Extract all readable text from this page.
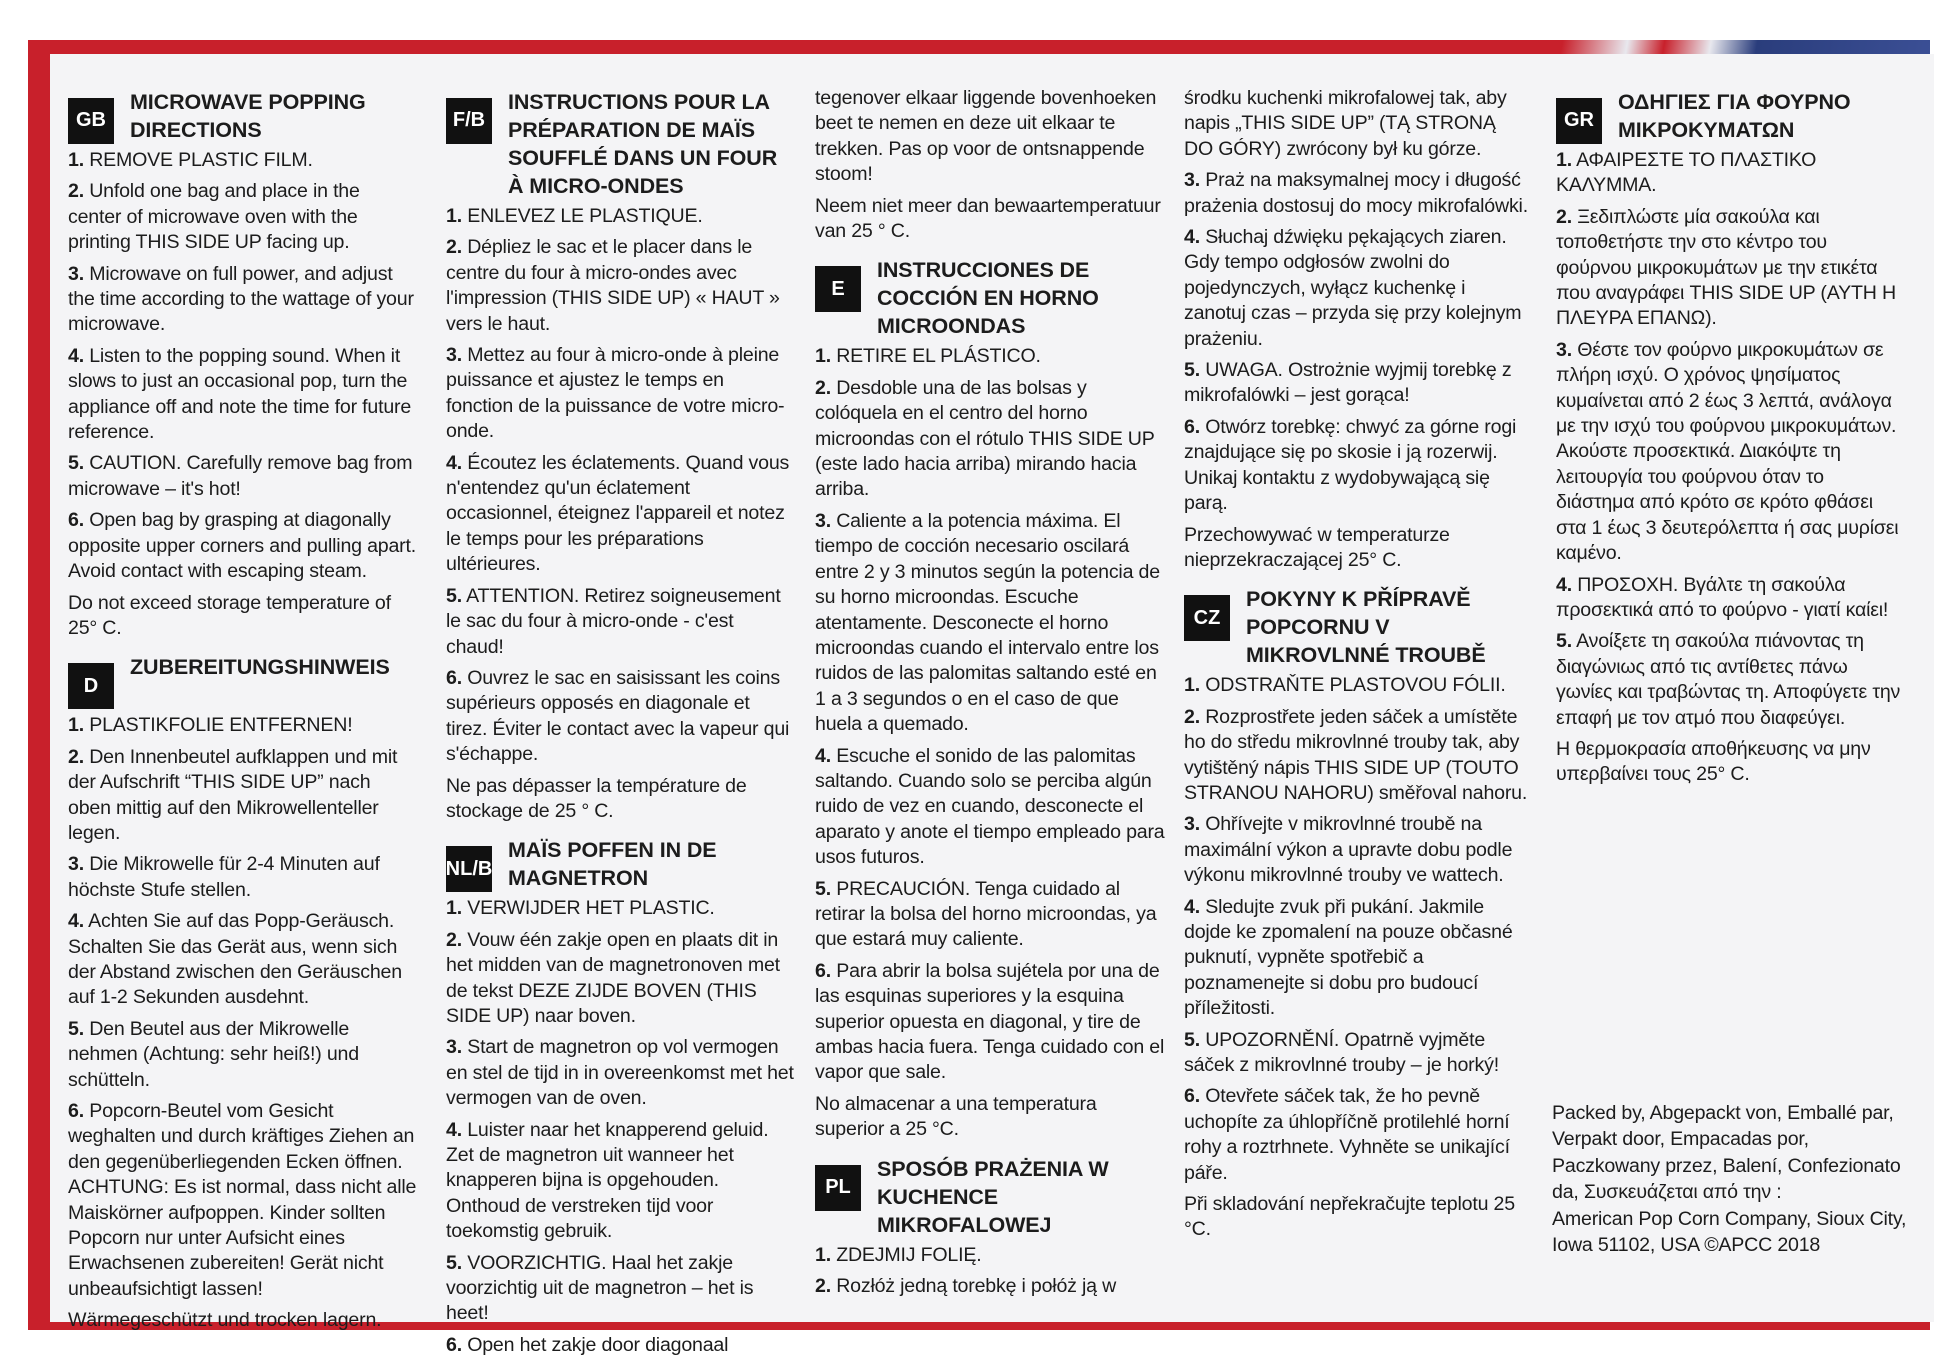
GB
MICROWAVE POPPING DIRECTIONS
1. REMOVE PLASTIC FILM.
2. Unfold one bag and place in the center of microwave oven with the printing THIS SIDE UP facing up.
3. Microwave on full power, and adjust the time according to the wattage of your microwave.
4. Listen to the popping sound. When it slows to just an occasional pop, turn the appliance off and note the time for future reference.
5. CAUTION. Carefully remove bag from microwave – it's hot!
6. Open bag by grasping at diagonally opposite upper corners and pulling apart. Avoid contact with escaping steam.
Do not exceed storage temperature of 25° C.
D
ZUBEREITUNGSHINWEIS
1. PLASTIKFOLIE ENTFERNEN!
2. Den Innenbeutel aufklappen und mit der Aufschrift “THIS SIDE UP” nach oben mittig auf den Mikrowellenteller legen.
3. Die Mikrowelle für 2-4 Minuten auf höchste Stufe stellen.
4. Achten Sie auf das Popp-Geräusch. Schalten Sie das Gerät aus, wenn sich der Abstand zwischen den Geräuschen auf 1-2 Sekunden ausdehnt.
5. Den Beutel aus der Mikrowelle nehmen (Achtung: sehr heiß!) und schütteln.
6. Popcorn-Beutel vom Gesicht weghalten und durch kräftiges Ziehen an den gegenüberliegenden Ecken öffnen. ACHTUNG: Es ist normal, dass nicht alle Maiskörner aufpoppen. Kinder sollten Popcorn nur unter Aufsicht eines Erwachsenen zubereiten! Gerät nicht unbeaufsichtigt lassen!
Wärmegeschützt und trocken lagern.
F/B
INSTRUCTIONS POUR LA PRÉPARATION DE MAÏS SOUFFLÉ DANS UN FOUR À MICRO-ONDES
1. ENLEVEZ LE PLASTIQUE.
2. Dépliez le sac et le placer dans le centre du four à micro-ondes avec l'impression (THIS SIDE UP) « HAUT » vers le haut.
3. Mettez au four à micro-onde à pleine puissance et ajustez le temps en fonction de la puissance de votre micro-onde.
4. Écoutez les éclatements. Quand vous n'entendez qu'un éclatement occasionnel, éteignez l'appareil et notez le temps pour les préparations ultérieures.
5. ATTENTION. Retirez soigneusement le sac du four à micro-onde - c'est chaud!
6. Ouvrez le sac en saisissant les coins supérieurs opposés en diagonale et tirez. Éviter le contact avec la vapeur qui s'échappe.
Ne pas dépasser la température de stockage de 25 ° C.
NL/B
MAÏS POFFEN IN DE MAGNETRON
1. VERWIJDER HET PLASTIC.
2. Vouw één zakje open en plaats dit in het midden van de magnetronoven met de tekst DEZE ZIJDE BOVEN (THIS SIDE UP) naar boven.
3. Start de magnetron op vol vermogen en stel de tijd in in overeenkomst met het vermogen van de oven.
4. Luister naar het knapperend geluid. Zet de magnetron uit wanneer het knapperen bijna is opgehouden. Onthoud de verstreken tijd voor toekomstig gebruik.
5. VOORZICHTIG. Haal het zakje voorzichtig uit de magnetron – het is heet!
6. Open het zakje door diagonaal
tegenover elkaar liggende bovenhoeken beet te nemen en deze uit elkaar te trekken. Pas op voor de ontsnappende stoom!
Neem niet meer dan bewaartemperatuur van 25 ° C.
E
INSTRUCCIONES DE COCCIÓN EN HORNO MICROONDAS
1. RETIRE EL PLÁSTICO.
2. Desdoble una de las bolsas y colóquela en el centro del horno microondas con el rótulo THIS SIDE UP (este lado hacia arriba) mirando hacia arriba.
3. Caliente a la potencia máxima. El tiempo de cocción necesario oscilará entre 2 y 3 minutos según la potencia de su horno microondas. Escuche atentamente. Desconecte el horno microondas cuando el intervalo entre los ruidos de las palomitas saltando esté en 1 a 3 segundos o en el caso de que huela a quemado.
4. Escuche el sonido de las palomitas saltando. Cuando solo se perciba algún ruido de vez en cuando, desconecte el aparato y anote el tiempo empleado para usos futuros.
5. PRECAUCIÓN. Tenga cuidado al retirar la bolsa del horno microondas, ya que estará muy caliente.
6. Para abrir la bolsa sujétela por una de las esquinas superiores y la esquina superior opuesta en diagonal, y tire de ambas hacia fuera. Tenga cuidado con el vapor que sale.
No almacenar a una temperatura superior a 25 °C.
PL
SPOSÓB PRAŻENIA W KUCHENCE MIKROFALOWEJ
1. ZDEJMIJ FOLIĘ.
2. Rozłóż jedną torebkę i połóż ją w
środku kuchenki mikrofalowej tak, aby napis „THIS SIDE UP” (TĄ STRONĄ DO GÓRY) zwrócony był ku górze.
3. Praż na maksymalnej mocy i długość prażenia dostosuj do mocy mikrofalówki.
4. Słuchaj dźwięku pękających ziaren. Gdy tempo odgłosów zwolni do pojedynczych, wyłącz kuchenkę i zanotuj czas – przyda się przy kolejnym prażeniu.
5. UWAGA. Ostrożnie wyjmij torebkę z mikrofalówki – jest gorąca!
6. Otwórz torebkę: chwyć za górne rogi znajdujące się po skosie i ją rozerwij. Unikaj kontaktu z wydobywającą się parą.
Przechowywać w temperaturze nieprzekraczającej 25° C.
CZ
POKYNY K PŘÍPRAVĚ POPCORNU V MIKROVLNNÉ TROUBĚ
1. ODSTRAŇTE PLASTOVOU FÓLII.
2. Rozprostřete jeden sáček a umístěte ho do středu mikrovlnné trouby tak, aby vytištěný nápis THIS SIDE UP (TOUTO STRANOU NAHORU) směřoval nahoru.
3. Ohřívejte v mikrovlnné troubě na maximální výkon a upravte dobu podle výkonu mikrovlnné trouby ve wattech.
4. Sledujte zvuk při pukání. Jakmile dojde ke zpomalení na pouze občasné puknutí, vypněte spotřebič a poznamenejte si dobu pro budoucí příležitosti.
5. UPOZORNĚNÍ. Opatrně vyjměte sáček z mikrovlnné trouby – je horký!
6. Otevřete sáček tak, že ho pevně uchopíte za úhlopříčně protilehlé horní rohy a roztrhnete. Vyhněte se unikající páře.
Při skladování nepřekračujte teplotu 25 °C.
GR
ΟΔΗΓΙΕΣ ΓΙΑ ΦΟΥΡΝΟ ΜΙΚΡΟΚΥΜΑΤΩΝ
1. ΑΦΑΙΡΕΣΤΕ ΤΟ ΠΛΑΣΤΙΚΟ ΚΑΛΥΜΜΑ.
2. Ξεδιπλώστε μία σακούλα και τοποθετήστε την στο κέντρο του φούρνου μικροκυμάτων με την ετικέτα που αναγράφει THIS SIDE UP (ΑΥΤΗ Η ΠΛΕΥΡΑ ΕΠΑΝΩ).
3. Θέστε τον φούρνο μικροκυμάτων σε πλήρη ισχύ. Ο χρόνος ψησίματος κυμαίνεται από 2 έως 3 λεπτά, ανάλογα με την ισχύ του φούρνου μικροκυμάτων. Ακούστε προσεκτικά. Διακόψτε τη λειτουργία του φούρνου όταν το διάστημα από κρότο σε κρότο φθάσει στα 1 έως 3 δευτερόλεπτα ή σας μυρίσει καμένο.
4. ΠΡΟΣΟΧΗ. Βγάλτε τη σακούλα προσεκτικά από το φούρνο - γιατί καίει!
5. Ανοίξετε τη σακούλα πιάνοντας τη διαγώνιως από τις αντίθετες πάνω γωνίες και τραβώντας τη. Αποφύγετε την επαφή με τον ατμό που διαφεύγει.
Η θερμοκρασία αποθήκευσης να μην υπερβαίνει τους 25° C.
Packed by, Abgepackt von, Emballé par, Verpakt door, Empacadas por, Paczkowany przez, Balení, Confezionato da, Συσκευάζεται από την :
American Pop Corn Company, Sioux City, Iowa 51102, USA ©APCC 2018
